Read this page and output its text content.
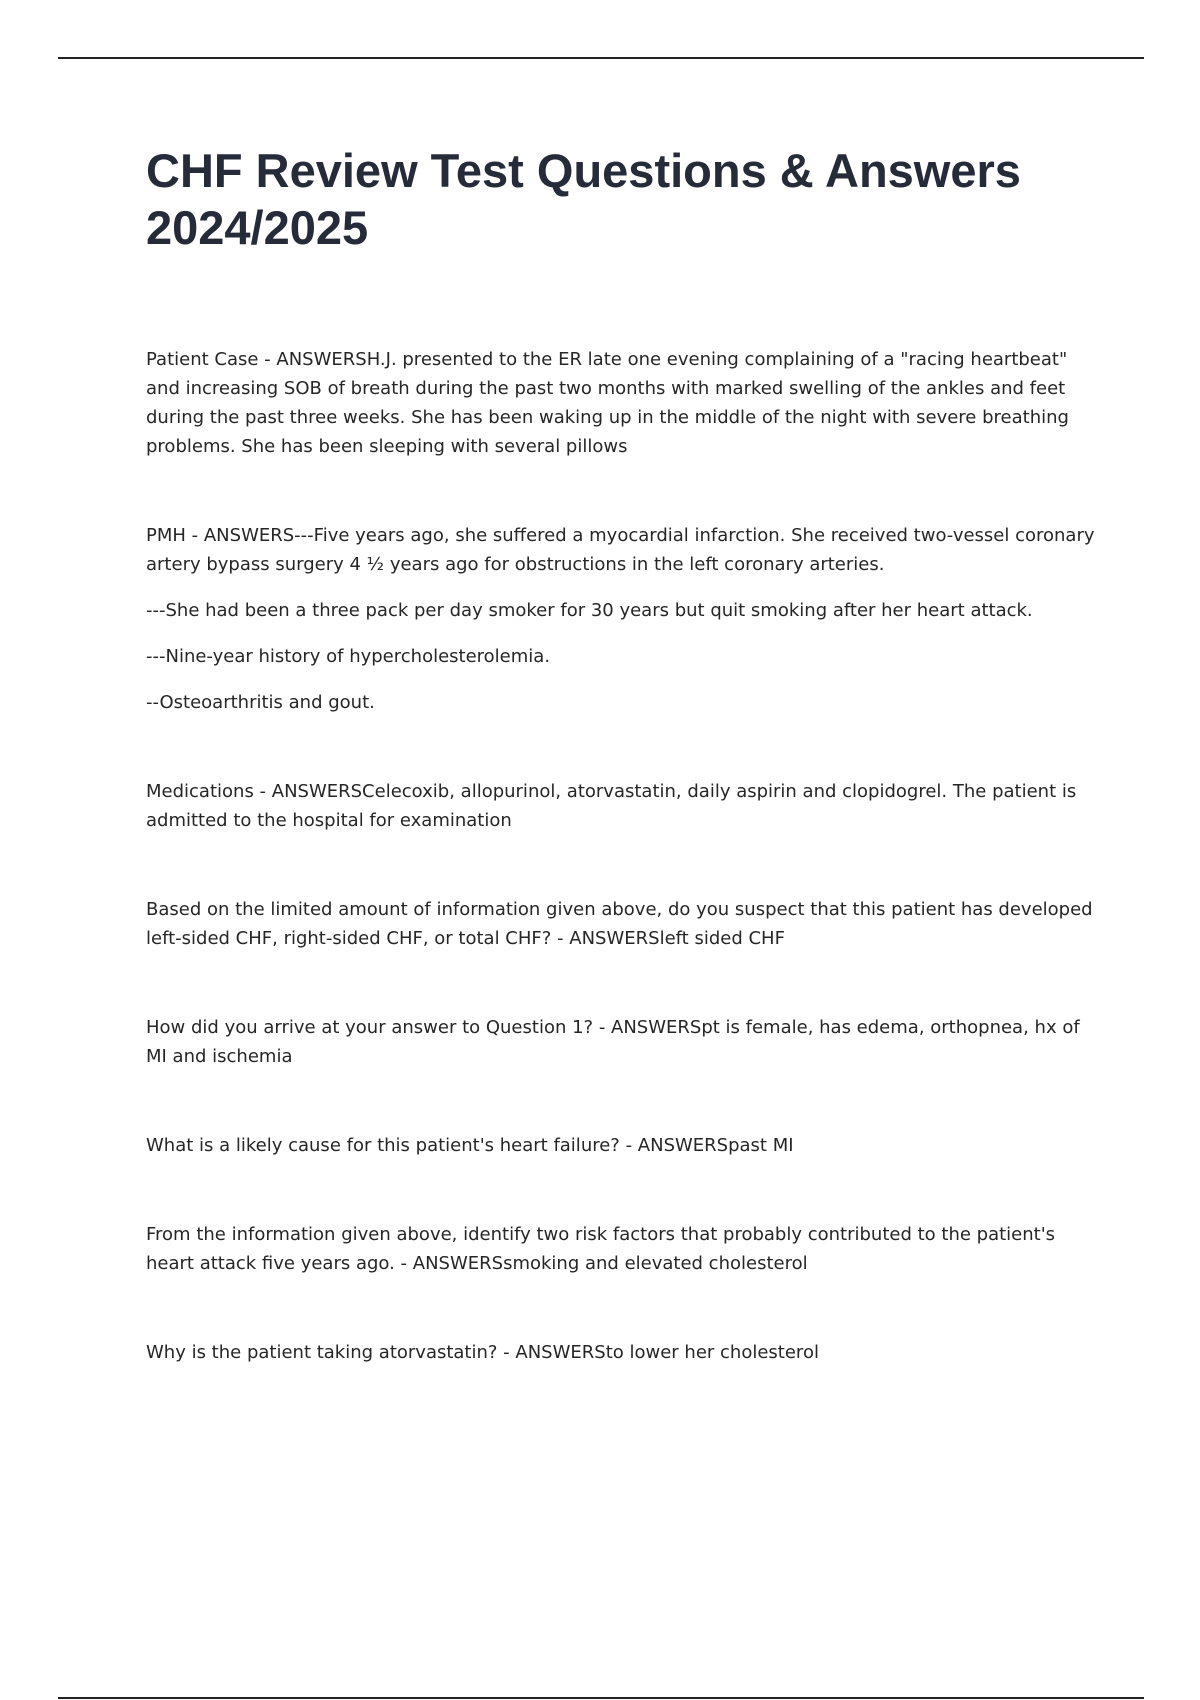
CHF Review Test Questions & Answers 2024/2025

Patient Case - ANSWERSH.J. presented to the ER late one evening complaining of a "racing heartbeat" and increasing SOB of breath during the past two months with marked swelling of the ankles and feet during the past three weeks. She has been waking up in the middle of the night with severe breathing problems. She has been sleeping with several pillows

PMH - ANSWERS---Five years ago, she suffered a myocardial infarction. She received two-vessel coronary artery bypass surgery 4 ½ years ago for obstructions in the left coronary arteries.

---She had been a three pack per day smoker for 30 years but quit smoking after her heart attack.

---Nine-year history of hypercholesterolemia.

--Osteoarthritis and gout.

Medications - ANSWERSCelecoxib, allopurinol, atorvastatin, daily aspirin and clopidogrel. The patient is admitted to the hospital for examination

Based on the limited amount of information given above, do you suspect that this patient has developed left-sided CHF, right-sided CHF, or total CHF? - ANSWERSleft sided CHF

How did you arrive at your answer to Question 1? - ANSWERSpt is female, has edema, orthopnea, hx of MI and ischemia

What is a likely cause for this patient's heart failure? - ANSWERSpast MI

From the information given above, identify two risk factors that probably contributed to the patient's heart attack five years ago. - ANSWERSsmoking and elevated cholesterol

Why is the patient taking atorvastatin? - ANSWERSto lower her cholesterol
